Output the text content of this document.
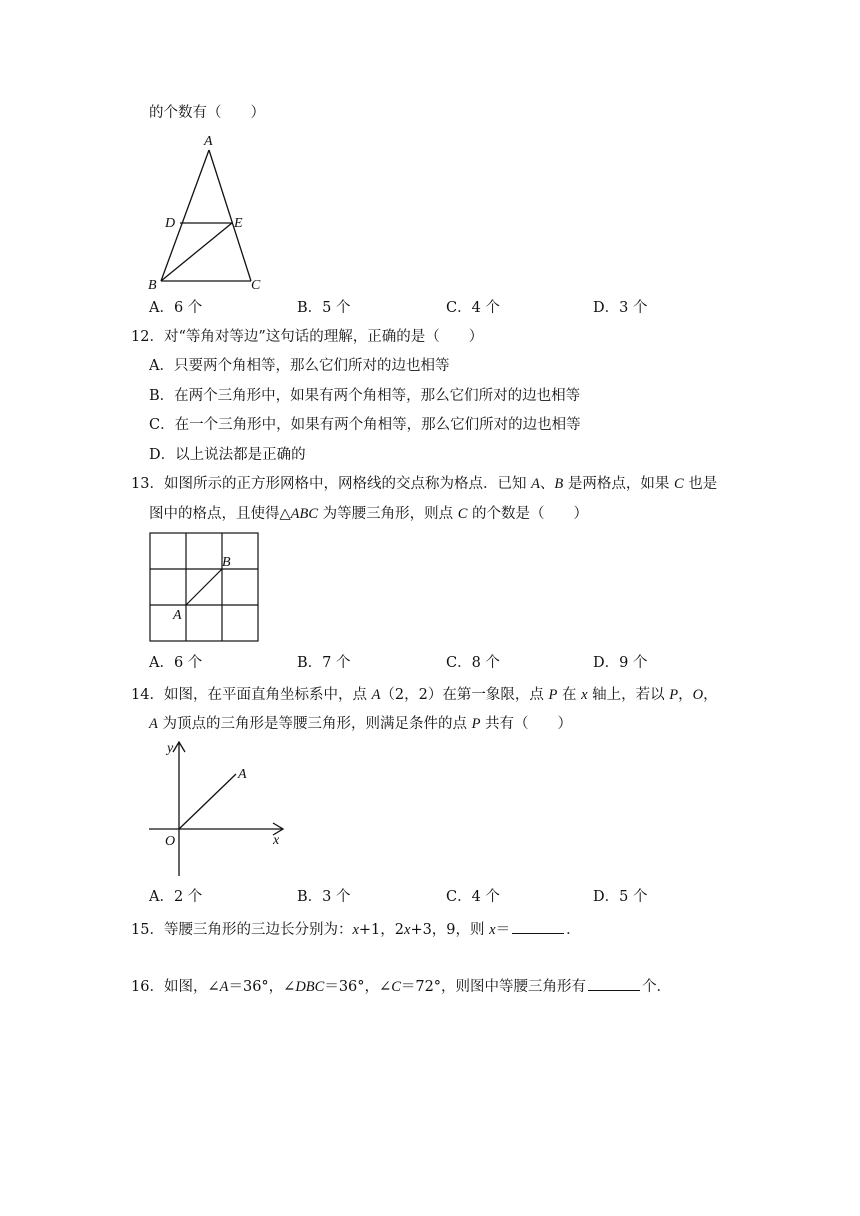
的个数有（　　）
A
D	E
B	C
A．6 个	B．5 个	C．4 个	D．3 个
12．对“等角对等边”这句话的理解，正确的是（　　）
A．只要两个角相等，那么它们所对的边也相等
B．在两个三角形中，如果有两个角相等，那么它们所对的边也相等
C．在一个三角形中，如果有两个角相等，那么它们所对的边也相等
D．以上说法都是正确的
13．如图所示的正方形网格中，网格线的交点称为格点．已知 A、B 是两格点，如果 C 也是
图中的格点，且使得△ABC 为等腰三角形，则点 C 的个数是（　　）
B
A
A．6 个	B．7 个	C．8 个	D．9 个
14．如图，在平面直角坐标系中，点 A（2，2）在第一象限，点 P 在 x 轴上，若以 P，O，
A 为顶点的三角形是等腰三角形，则满足条件的点 P 共有（　　）
y
A
O	x
A．2 个	B．3 个	C．4 个	D．5 个
15．等腰三角形的三边长分别为：x+1，2x+3，9，则 x＝	．
16．如图，∠A＝36°，∠DBC＝36°，∠C＝72°，则图中等腰三角形有	个．
